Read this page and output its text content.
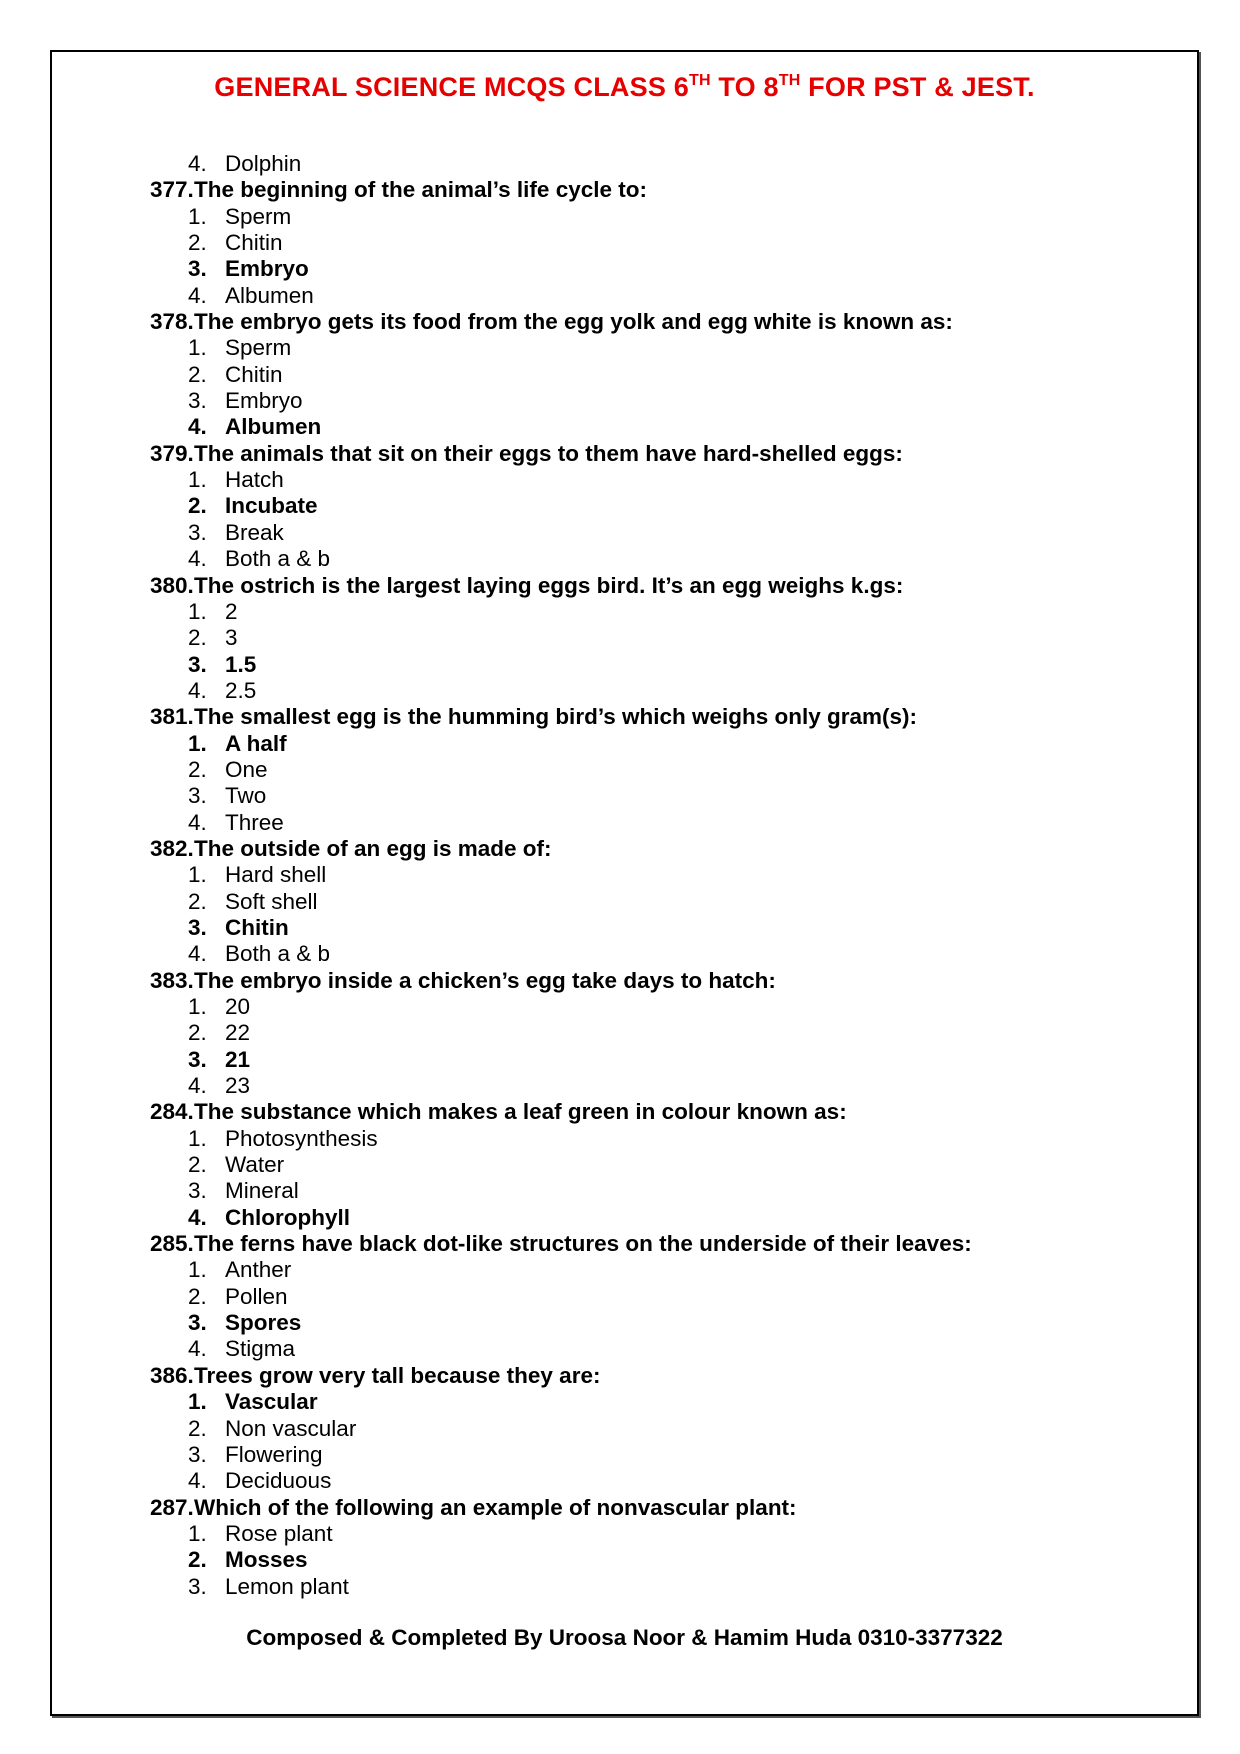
GENERAL SCIENCE MCQS CLASS 6TH TO 8TH FOR PST & JEST.
4. Dolphin
377.The beginning of the animal’s life cycle to:
1. Sperm
2. Chitin
3. Embryo
4. Albumen
378.The embryo gets its food from the egg yolk and egg white is known as:
1. Sperm
2. Chitin
3. Embryo
4. Albumen
379.The animals that sit on their eggs to them have hard-shelled eggs:
1. Hatch
2. Incubate
3. Break
4. Both a & b
380.The ostrich is the largest laying eggs bird. It’s an egg weighs k.gs:
1. 2
2. 3
3. 1.5
4. 2.5
381.The smallest egg is the humming bird’s which weighs only gram(s):
1. A half
2. One
3. Two
4. Three
382.The outside of an egg is made of:
1. Hard shell
2. Soft shell
3. Chitin
4. Both a & b
383.The embryo inside a chicken’s egg take days to hatch:
1. 20
2. 22
3. 21
4. 23
284.The substance which makes a leaf green in colour known as:
1. Photosynthesis
2. Water
3. Mineral
4. Chlorophyll
285.The ferns have black dot-like structures on the underside of their leaves:
1. Anther
2. Pollen
3. Spores
4. Stigma
386.Trees grow very tall because they are:
1. Vascular
2. Non vascular
3. Flowering
4. Deciduous
287.Which of the following an example of nonvascular plant:
1. Rose plant
2. Mosses
3. Lemon plant
Composed & Completed By Uroosa Noor & Hamim Huda 0310-3377322
